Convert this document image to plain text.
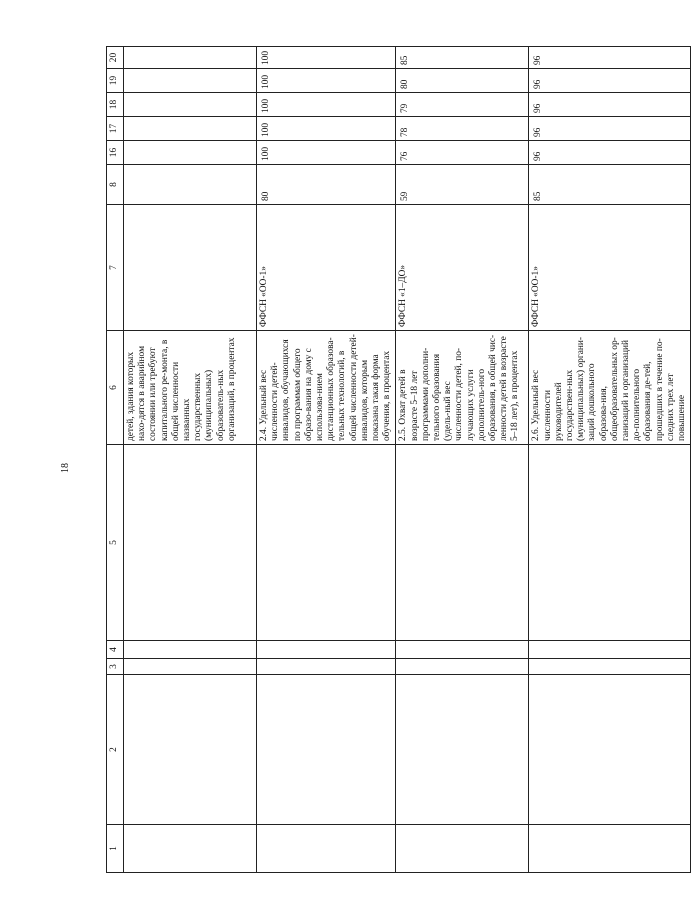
18
1	2	3	4	5	6	7	8	16	17	18	19	20
					детей, здания которых нахо-дятся в аварийном состоянии или требуют капитального ре-монта, в общей численности названных государственных (муниципальных) образователь-ных организаций, в процентах							
					2.4. Удельный вес численности детей-инвалидов, обучающихся по программам общего образо-вания на дому с использова-нием дистанционных образова-тельных технологий, в общей численности детей-инвалидов, которым показана такая форма обучения, в процентах	ФФСН «ОО-1»	80	100	100	100	100	100
					2.5. Охват детей в возрасте 5–18 лет программами дополни-тельного образования (удель-ный вес численности детей, по-лучающих услуги дополнитель-ного образования, в общей чис-ленности детей в возрасте 5–18 лет), в процентах	ФФСН «1–ДО»	59	76	78	79	80	85
					2.6. Удельный вес численности руководителей государствен-ных (муниципальных) органи-заций дошкольного образова-ния, общеобразовательных ор-ганизаций и организаций до-полнительного образования де-тей, прошедших в течение по-следних трех лет повышение	ФФСН «ОО-1»	85	96	96	96	96	96
